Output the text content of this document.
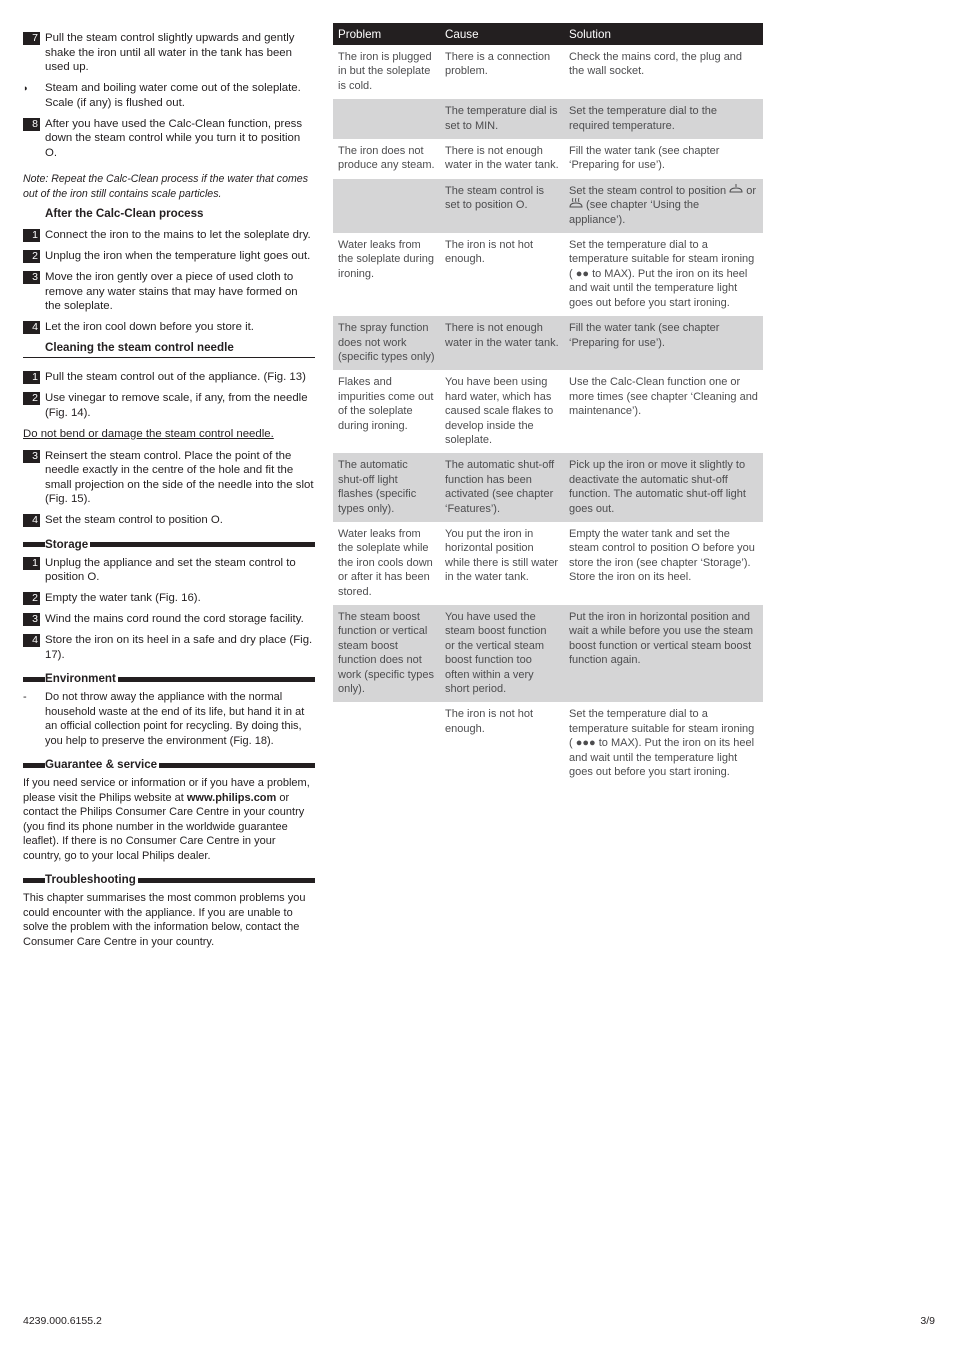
7 Pull the steam control slightly upwards and gently shake the iron until all water in the tank has been used up.
◗	Steam and boiling water come out of the soleplate. Scale (if any) is flushed out.
8 After you have used the Calc-Clean function, press down the steam control while you turn it to position O.
Note: Repeat the Calc-Clean process if the water that comes out of the iron still contains scale particles.
After the Calc-Clean process
1 Connect the iron to the mains to let the soleplate dry.
2 Unplug the iron when the temperature light goes out.
3 Move the iron gently over a piece of used cloth to remove any water stains that may have formed on the soleplate.
4 Let the iron cool down before you store it.
Cleaning the steam control needle
1 Pull the steam control out of the appliance. (Fig. 13)
2 Use vinegar to remove scale, if any, from the needle (Fig. 14).
Do not bend or damage the steam control needle.
3 Reinsert the steam control. Place the point of the needle exactly in the centre of the hole and fit the small projection on the side of the needle into the slot (Fig. 15).
4 Set the steam control to position O.
Storage
1 Unplug the appliance and set the steam control to position O.
2 Empty the water tank (Fig. 16).
3 Wind the mains cord round the cord storage facility.
4 Store the iron on its heel in a safe and dry place (Fig. 17).
Environment
-	Do not throw away the appliance with the normal household waste at the end of its life, but hand it in at an official collection point for recycling. By doing this, you help to preserve the environment (Fig. 18).
Guarantee & service
If you need service or information or if you have a problem, please visit the Philips website at www.philips.com or contact the Philips Consumer Care Centre in your country (you find its phone number in the worldwide guarantee leaflet). If there is no Consumer Care Centre in your country, go to your local Philips dealer.
Troubleshooting
This chapter summarises the most common problems you could encounter with the appliance. If you are unable to solve the problem with the information below, contact the Consumer Care Centre in your country.
Problem	Cause	Solution
The iron is plugged in but the soleplate is cold.	There is a connection problem.	Check the mains cord, the plug and the wall socket.
	The temperature dial is set to MIN.	Set the temperature dial to the required temperature.
The iron does not produce any steam.	There is not enough water in the water tank.	Fill the water tank (see chapter ‘Preparing for use’).
	The steam control is set to position O.	Set the steam control to position  or  (see chapter ‘Using the appliance’).
Water leaks from the soleplate during ironing.	The iron is not hot enough.	Set the temperature dial to a temperature suitable for steam ironing ( ●● to MAX). Put the iron on its heel and wait until the temperature light goes out before you start ironing.
The spray function does not work (specific types only)	There is not enough water in the water tank.	Fill the water tank (see chapter ‘Preparing for use’).
Flakes and impurities come out of the soleplate during ironing.	You have been using hard water, which has caused scale flakes to develop inside the soleplate.	Use the Calc-Clean function one or more times (see chapter ‘Cleaning and maintenance’).
The automatic shut-off light flashes (specific types only).	The automatic shut-off function has been activated (see chapter ‘Features’).	Pick up the iron or move it slightly to deactivate the automatic shut-off function. The automatic shut-off light goes out.
Water leaks from the soleplate while the iron cools down or after it has been stored.	You put the iron in horizontal position while there is still water in the water tank.	Empty the water tank and set the steam control to position O before you store the iron (see chapter ‘Storage’). Store the iron on its heel.
The steam boost function or vertical steam boost function does not work (specific types only).	You have used the steam boost function or the vertical steam boost function too often within a very short period.	Put the iron in horizontal position and wait a while before you use the steam boost function or vertical steam boost function again.
	The iron is not hot enough.	Set the temperature dial to a temperature suitable for steam ironing ( ●●● to MAX). Put the iron on its heel and wait until the temperature light goes out before you start ironing.
4239.000.6155.2	3/9
